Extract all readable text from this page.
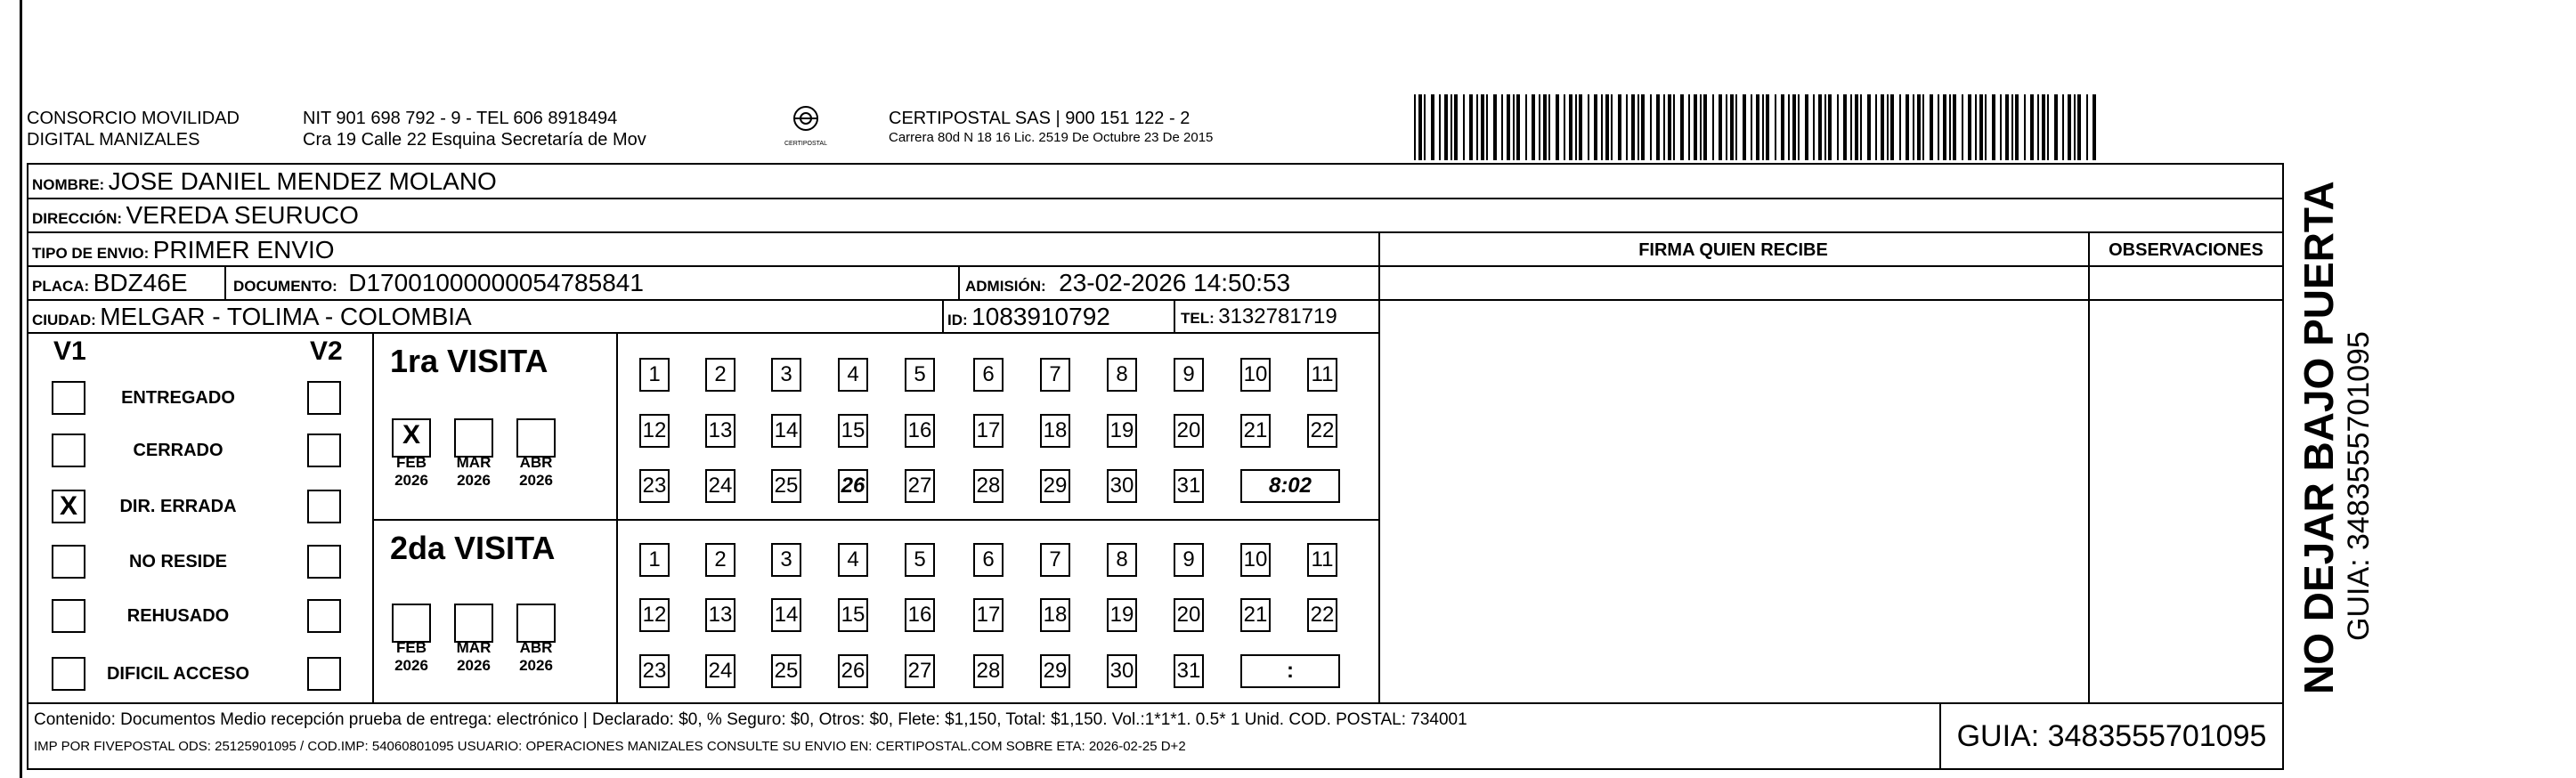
CONSORCIO MOVILIDAD
DIGITAL MANIZALES
NIT 901 698 792 - 9 - TEL 606 8918494
Cra 19 Calle 22 Esquina Secretaría de Mov	CERTIPOSTAL
CERTIPOSTAL SAS | 900 151 122 - 2
Carrera 80d N 18 16 Lic. 2519 De Octubre 23 De 2015
NOMBRE: JOSE DANIEL MENDEZ MOLANO
DIRECCIÓN: VEREDA SEURUCO
TIPO DE ENVIO: PRIMER ENVIO	FIRMA QUIEN RECIBE	OBSERVACIONES
PLACA: BDZ46E	DOCUMENTO: D17001000000054785841	ADMISIÓN: 23-02-2026 14:50:53
CIUDAD: MELGAR - TOLIMA - COLOMBIA	ID: 1083910792	TEL: 3132781719
V1	V2
ENTREGADO
CERRADO
X	DIR. ERRADA
NO RESIDE
REHUSADO
DIFICIL ACCESO
1ra VISITA
2da VISITA
X
FEB
2026
MAR
2026
ABR
2026
1	2	3	4	5	6	7	8	9	10 11
12 13 14 15 16 17 18 19 20 21 22
23 24 25 26 27 28 29 30 31	8:02
FEB
2026
MAR
2026
ABR
2026
1	2	3	4	5	6	7	8	9	10 11
12 13 14 15 16 17 18 19 20 21 22
23 24 25 26 27 28 29 30 31	:
Contenido: Documentos Medio recepción prueba de entrega: electrónico | Declarado: $0, % Seguro: $0, Otros: $0, Flete: $1,150, Total: $1,150. Vol.:1*1*1. 0.5* 1 Unid. COD. POSTAL: 734001
IMP POR FIVEPOSTAL ODS: 25125901095 / COD.IMP: 54060801095 USUARIO: OPERACIONES MANIZALES CONSULTE SU ENVIO EN: CERTIPOSTAL.COM SOBRE ETA: 2026-02-25 D+2	GUIA: 3483555701095
NO DEJAR BAJO PUERTA GUIA: 3483555701095
